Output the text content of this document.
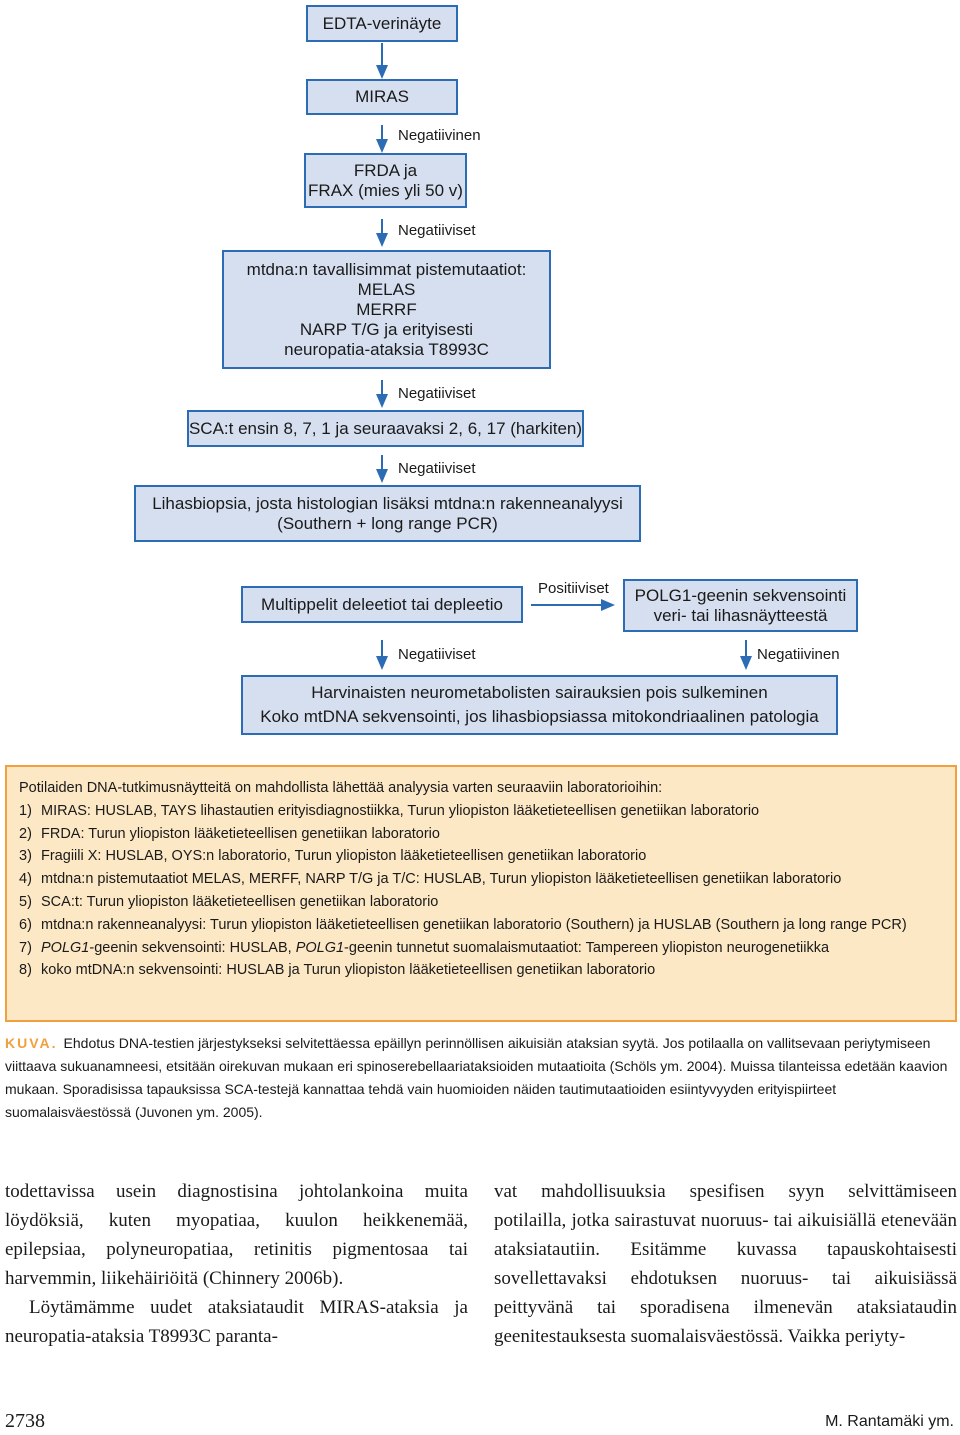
EDTA-verinäyte
MIRAS
Negatiivinen
FRDA ja
FRAX (mies yli 50 v)
Negatiiviset
mtdna:n tavallisimmat pistemutaatiot:
MELAS
MERRF
NARP T/G ja erityisesti
neuropatia-ataksia T8993C
Negatiiviset
SCA:t ensin 8, 7, 1 ja seuraavaksi 2, 6, 17 (harkiten)
Negatiiviset
Lihasbiopsia, josta histologian lisäksi mtdna:n rakenneanalyysi
(Southern + long range PCR)
Multippelit deleetiot tai depleetio
Positiiviset POLG1-geenin sekvensointi
veri- tai lihasnäytteestä
Negatiiviset	Negatiivinen
Harvinaisten neurometabolisten sairauksien pois sulkeminen
Koko mtDNA sekvensointi, jos lihasbiopsiassa mitokondriaalinen patologia
Potilaiden DNA-tutkimusnäytteitä on mahdollista lähettää analyysia varten seuraaviin laboratorioihin:
1) MIRAS: HUSLAB, TAYS lihastautien erityisdiagnostiikka, Turun yliopiston lääketieteellisen genetiikan laboratorio
2) FRDA: Turun yliopiston lääketieteellisen genetiikan laboratorio
3) Fragiili X: HUSLAB, OYS:n laboratorio, Turun yliopiston lääketieteellisen genetiikan laboratorio
4) mtdna:n pistemutaatiot MELAS, MERFF, NARP T/G ja T/C: HUSLAB, Turun yliopiston lääketieteellisen genetiikan laboratorio
5) SCA:t: Turun yliopiston lääketieteellisen genetiikan laboratorio
6) mtdna:n rakenneanalyysi: Turun yliopiston lääketieteellisen genetiikan laboratorio (Southern) ja HUSLAB (Southern ja long range PCR)
7) POLG1-geenin sekvensointi: HUSLAB, POLG1-geenin tunnetut suomalaismutaatiot: Tampereen yliopiston neurogenetiikka
8) koko mtDNA:n sekvensointi: HUSLAB ja Turun yliopiston lääketieteellisen genetiikan laboratorio
KUVA. Ehdotus DNA-testien järjestykseksi selvitettäessa epäillyn perinnöllisen aikuisiän ataksian syytä. Jos potilaalla on vallitsevaan periytymiseen viittaava sukuanamneesi, etsitään oirekuvan mukaan eri spinoserebellaariataksioiden mutaatioita (Schöls ym. 2004). Muissa tilanteissa edetään kaavion mukaan. Sporadisissa tapauksissa SCA-testejä kannattaa tehdä vain huomioiden näiden tautimutaatioiden esiintyvyyden erityispiirteet suomalaisväestössä (Juvonen ym. 2005).

todettavissa usein diagnostisina johtolankoina muita löydöksiä, kuten myopatiaa, kuulon heikkenemää, epilepsiaa, polyneuropatiaa, retinitis pigmentosaa tai harvemmin, liikehäiriöitä (Chinnery 2006b).

Löytämämme uudet ataksiataudit MIRAS-ataksia ja neuropatia-ataksia T8993C paranta-

vat mahdollisuuksia spesifisen syyn selvittämiseen potilailla, jotka sairastuvat nuoruus- tai aikuisiällä etenevään ataksiatautiin. Esitämme kuvassa tapauskohtaisesti sovellettavaksi ehdotuksen nuoruus- tai aikuisiässä peittyvänä tai sporadisena ilmenevän ataksiataudin geenitestauksesta suomalaisväestössä. Vaikka periyty-

2738	M. Rantamäki ym.
